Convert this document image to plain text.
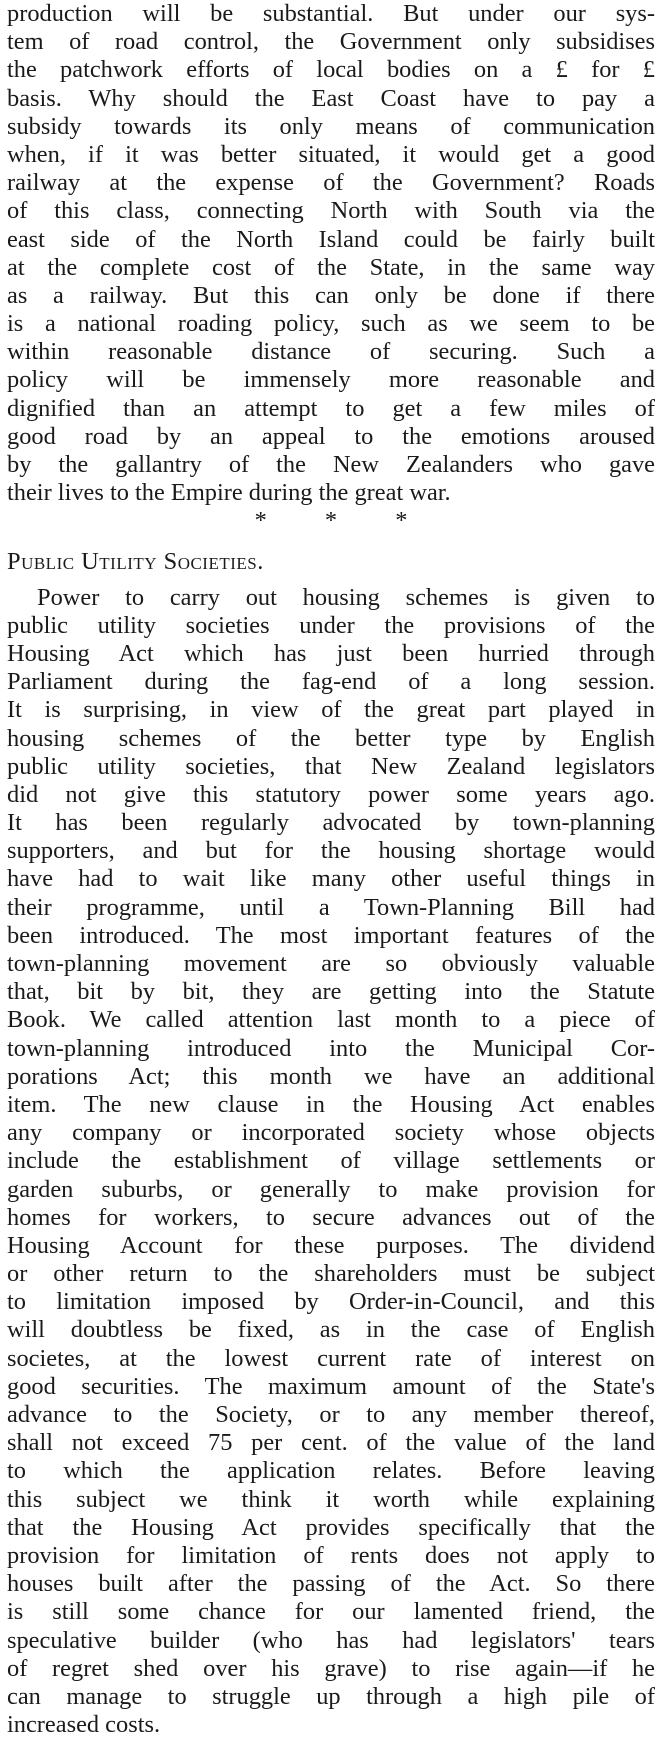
production will be substantial. But under our sys-
tem of road control, the Government only subsidises
the patchwork efforts of local bodies on a £ for £
basis. Why should the East Coast have to pay a
subsidy towards its only means of communication
when, if it was better situated, it would get a good
railway at the expense of the Government? Roads
of this class, connecting North with South via the
east side of the North Island could be fairly built
at the complete cost of the State, in the same way
as a railway. But this can only be done if there
is a national roading policy, such as we seem to be
within reasonable distance of securing. Such a
policy will be immensely more reasonable and
dignified than an attempt to get a few miles of
good road by an appeal to the emotions aroused
by the gallantry of the New Zealanders who gave
their lives to the Empire during the great war.
* * *
Public Utility Societies.
Power to carry out housing schemes is given to
public utility societies under the provisions of the
Housing Act which has just been hurried through
Parliament during the fag-end of a long session.
It is surprising, in view of the great part played in
housing schemes of the better type by English
public utility societies, that New Zealand legislators
did not give this statutory power some years ago.
It has been regularly advocated by town-planning
supporters, and but for the housing shortage would
have had to wait like many other useful things in
their programme, until a Town-Planning Bill had
been introduced. The most important features of the
town-planning movement are so obviously valuable
that, bit by bit, they are getting into the Statute
Book. We called attention last month to a piece of
town-planning introduced into the Municipal Cor-
porations Act; this month we have an additional
item. The new clause in the Housing Act enables
any company or incorporated society whose objects
include the establishment of village settlements or
garden suburbs, or generally to make provision for
homes for workers, to secure advances out of the
Housing Account for these purposes. The dividend
or other return to the shareholders must be subject
to limitation imposed by Order-in-Council, and this
will doubtless be fixed, as in the case of English
societes, at the lowest current rate of interest on
good securities. The maximum amount of the State's
advance to the Society, or to any member thereof,
shall not exceed 75 per cent. of the value of the land
to which the application relates. Before leaving
this subject we think it worth while explaining
that the Housing Act provides specifically that the
provision for limitation of rents does not apply to
houses built after the passing of the Act. So there
is still some chance for our lamented friend, the
speculative builder (who has had legislators' tears
of regret shed over his grave) to rise again—if he
can manage to struggle up through a high pile of
increased costs.
